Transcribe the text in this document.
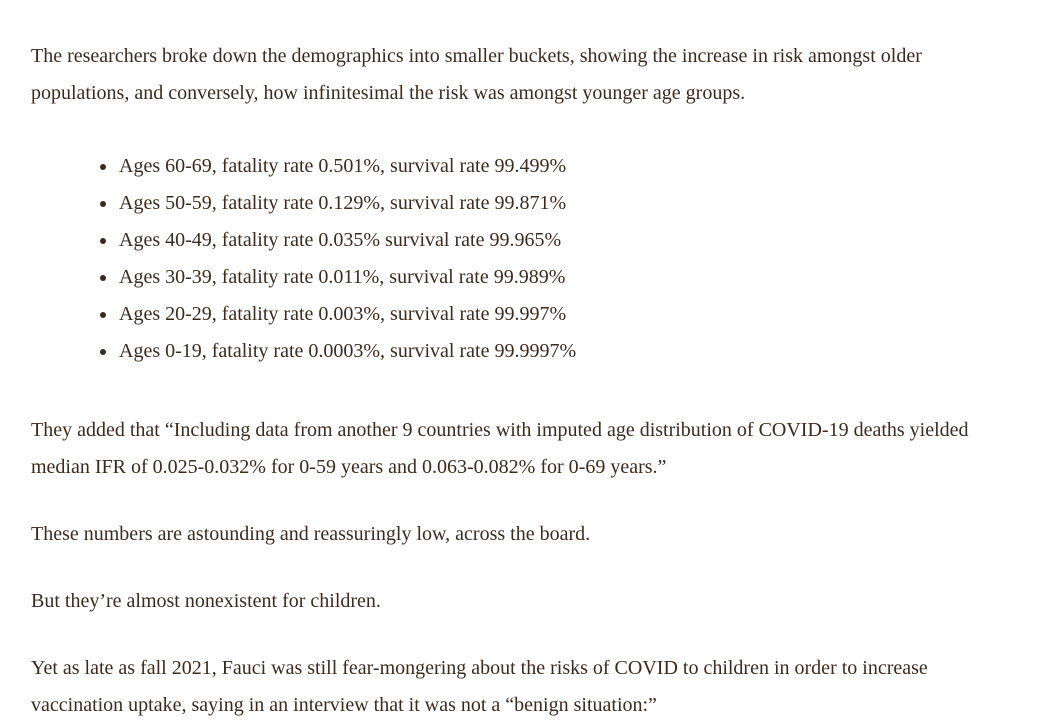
The researchers broke down the demographics into smaller buckets, showing the increase in risk amongst older populations, and conversely, how infinitesimal the risk was amongst younger age groups.

Ages 60-69, fatality rate 0.501%, survival rate 99.499%
Ages 50-59, fatality rate 0.129%, survival rate 99.871%
Ages 40-49, fatality rate 0.035% survival rate 99.965%
Ages 30-39, fatality rate 0.011%, survival rate 99.989%
Ages 20-29, fatality rate 0.003%, survival rate 99.997%
Ages 0-19, fatality rate 0.0003%, survival rate 99.9997%

They added that “Including data from another 9 countries with imputed age distribution of COVID-19 deaths yielded median IFR of 0.025-0.032% for 0-59 years and 0.063-0.082% for 0-69 years.”

These numbers are astounding and reassuringly low, across the board.

But they’re almost nonexistent for children.

Yet as late as fall 2021, Fauci was still fear-mongering about the risks of COVID to children in order to increase vaccination uptake, saying in an interview that it was not a “benign situation:”
